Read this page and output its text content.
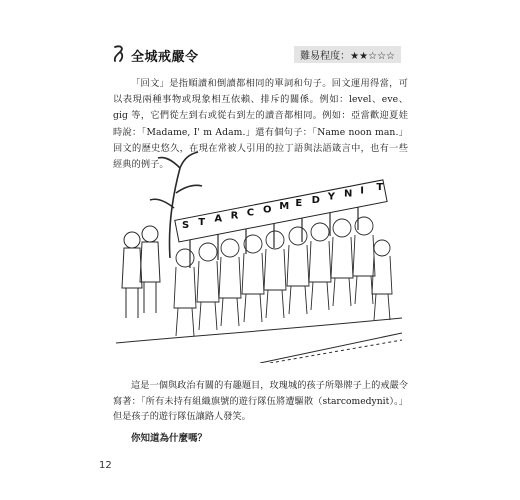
全城戒嚴令	難易程度：★★☆☆☆

「回文」是指順讀和倒讀都相同的單詞和句子。回文運用得當，可以表現兩種事物或現象相互依賴、排斥的關係。例如：level、eve、gig 等，它們從左到右或從右到左的讀音都相同。例如：亞當歡迎夏娃時說：「Madame, I' m Adam.」還有個句子：「Name noon man.」回文的歷史悠久，在現在常被人引用的拉丁語與法語箴言中，也有一些經典的例子。

S T A R C O M E D Y N I T

這是一個與政治有關的有趣題目，玫瑰城的孩子所舉牌子上的戒嚴令寫著：「所有未持有組織旗號的遊行隊伍將遭驅散（starcomedynit）。」但是孩子的遊行隊伍讓路人發笑。

你知道為什麼嗎？
12
